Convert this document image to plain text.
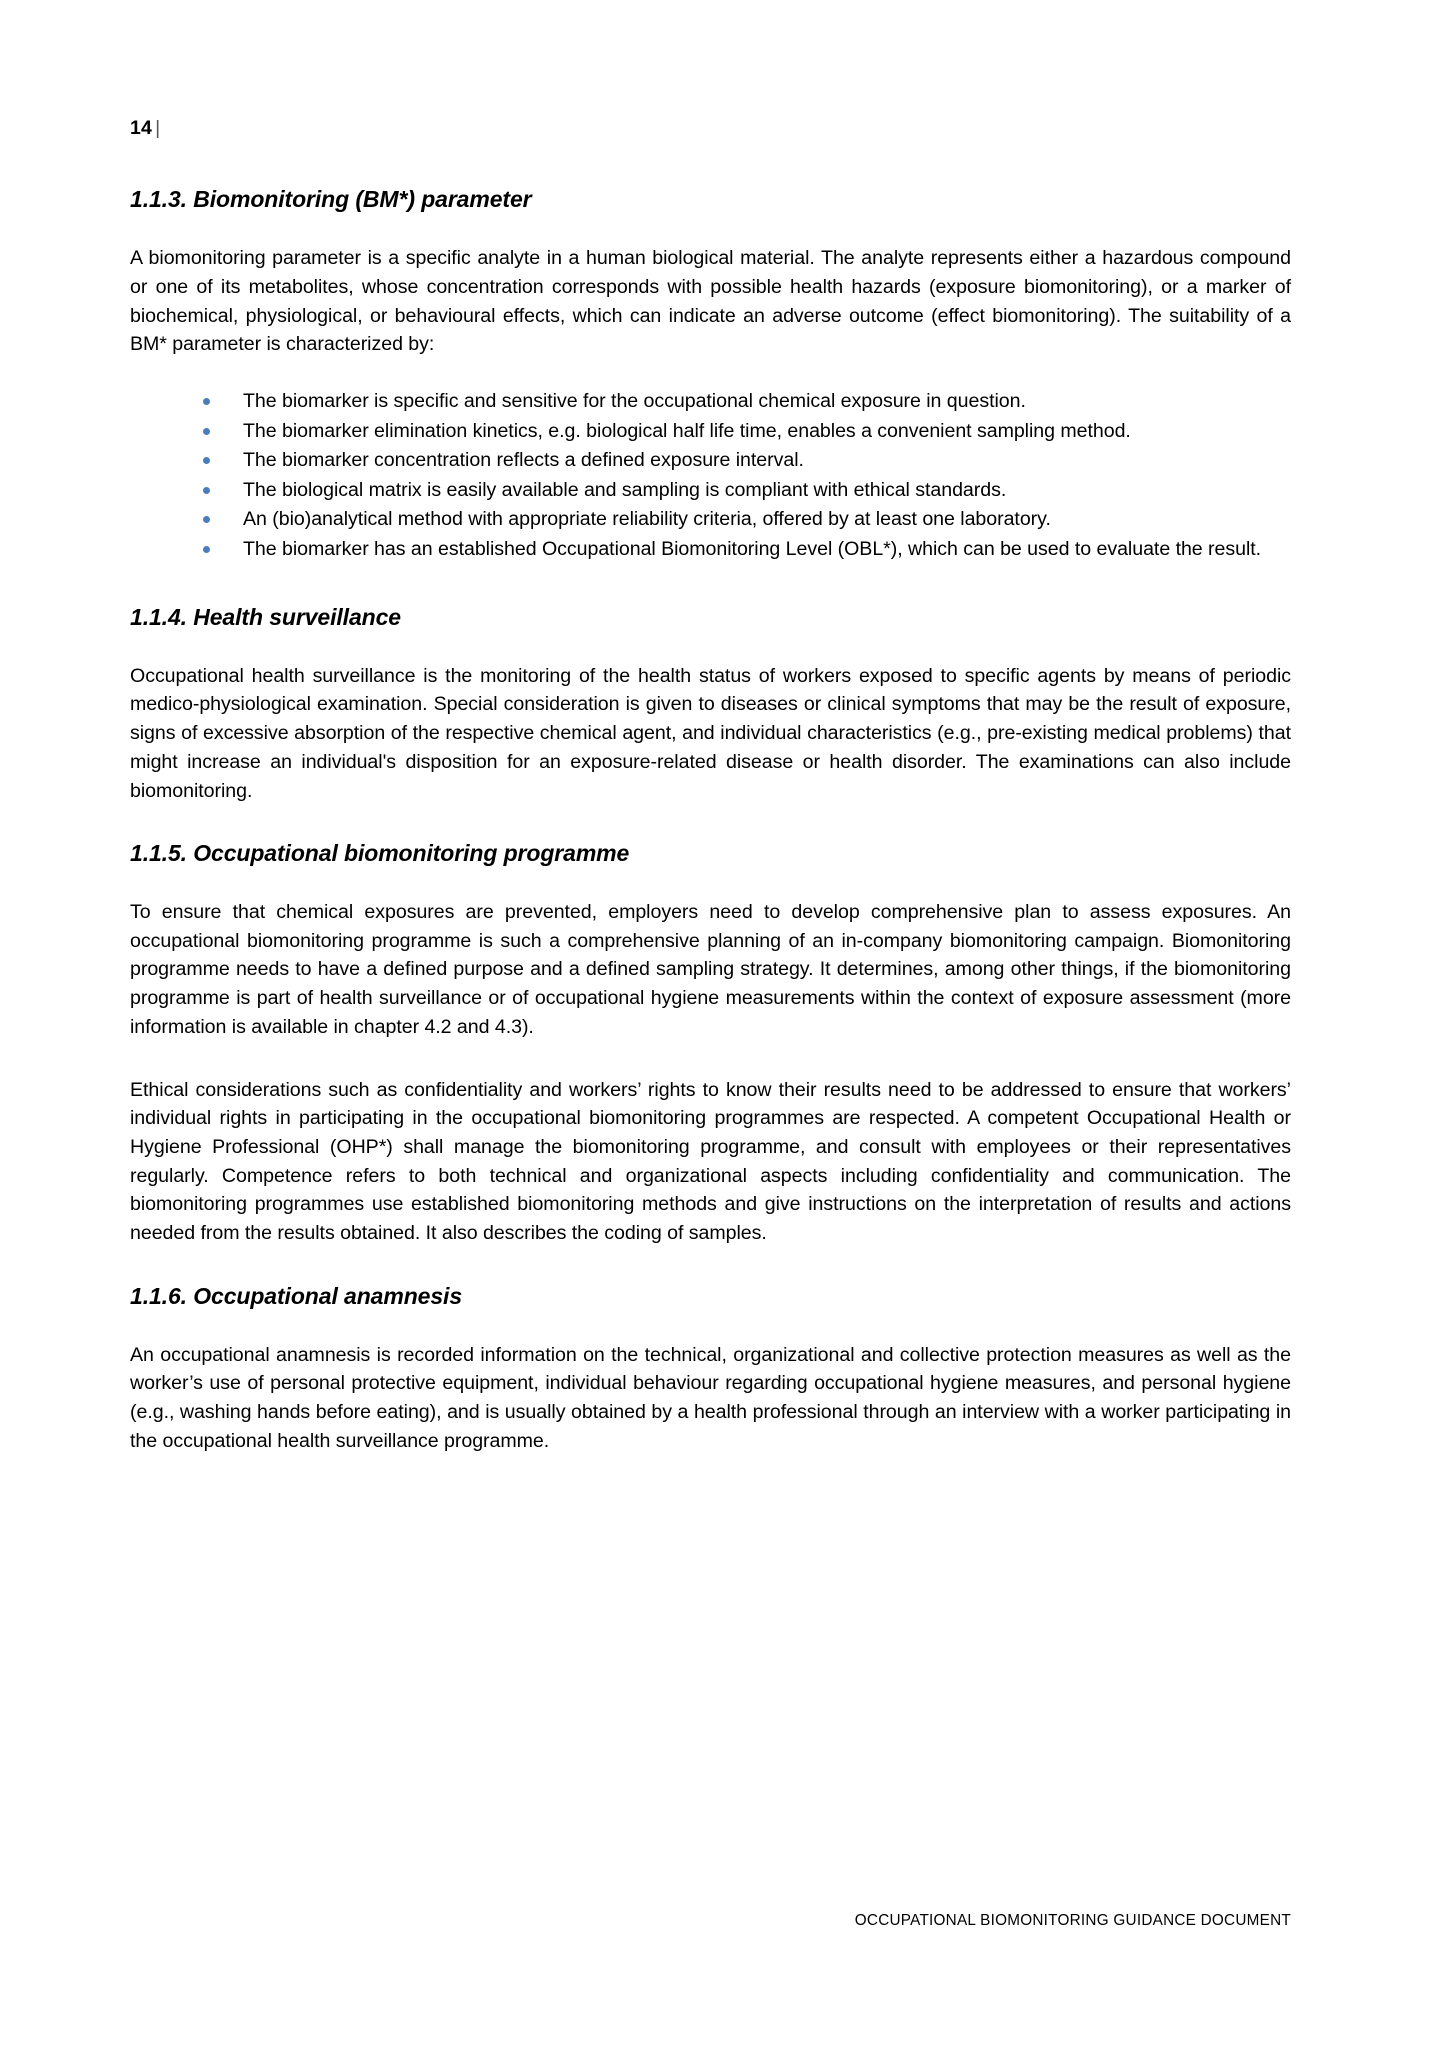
14 |
1.1.3. Biomonitoring (BM*) parameter

A biomonitoring parameter is a specific analyte in a human biological material. The analyte represents either a hazardous compound or one of its metabolites, whose concentration corresponds with possible health hazards (exposure biomonitoring), or a marker of biochemical, physiological, or behavioural effects, which can indicate an adverse outcome (effect biomonitoring). The suitability of a BM* parameter is characterized by:

The biomarker is specific and sensitive for the occupational chemical exposure in question.
The biomarker elimination kinetics, e.g. biological half life time, enables a convenient sampling method.
The biomarker concentration reflects a defined exposure interval.
The biological matrix is easily available and sampling is compliant with ethical standards.
An (bio)analytical method with appropriate reliability criteria, offered by at least one laboratory.
The biomarker has an established Occupational Biomonitoring Level (OBL*), which can be used to evaluate the result.
1.1.4. Health surveillance

Occupational health surveillance is the monitoring of the health status of workers exposed to specific agents by means of periodic medico-physiological examination. Special consideration is given to diseases or clinical symptoms that may be the result of exposure, signs of excessive absorption of the respective chemical agent, and individual characteristics (e.g., pre-existing medical problems) that might increase an individual's disposition for an exposure-related disease or health disorder. The examinations can also include biomonitoring.

1.1.5. Occupational biomonitoring programme

To ensure that chemical exposures are prevented, employers need to develop comprehensive plan to assess exposures. An occupational biomonitoring programme is such a comprehensive planning of an in-company biomonitoring campaign. Biomonitoring programme needs to have a defined purpose and a defined sampling strategy. It determines, among other things, if the biomonitoring programme is part of health surveillance or of occupational hygiene measurements within the context of exposure assessment (more information is available in chapter 4.2 and 4.3).

Ethical considerations such as confidentiality and workers’ rights to know their results need to be addressed to ensure that workers’ individual rights in participating in the occupational biomonitoring programmes are respected. A competent Occupational Health or Hygiene Professional (OHP*) shall manage the biomonitoring programme, and consult with employees or their representatives regularly. Competence refers to both technical and organizational aspects including confidentiality and communication. The biomonitoring programmes use established biomonitoring methods and give instructions on the interpretation of results and actions needed from the results obtained. It also describes the coding of samples.

1.1.6. Occupational anamnesis

An occupational anamnesis is recorded information on the technical, organizational and collective protection measures as well as the worker’s use of personal protective equipment, individual behaviour regarding occupational hygiene measures, and personal hygiene (e.g., washing hands before eating), and is usually obtained by a health professional through an interview with a worker participating in the occupational health surveillance programme.

OCCUPATIONAL BIOMONITORING GUIDANCE DOCUMENT
